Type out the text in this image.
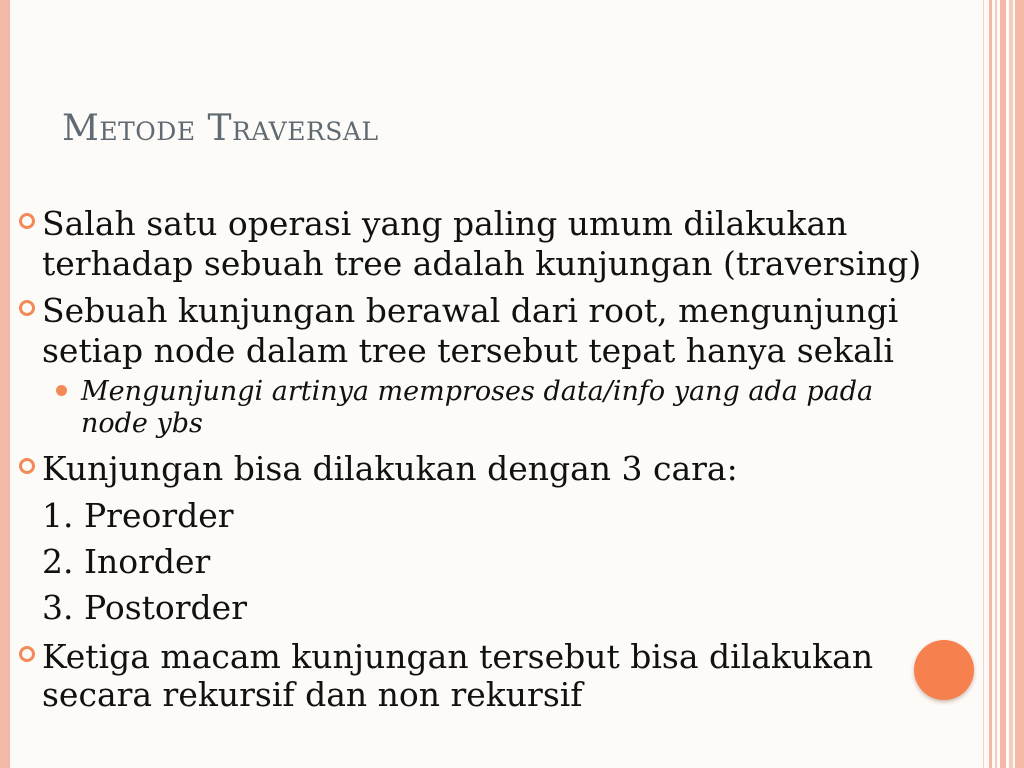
Metode Traversal
Salah satu operasi yang paling umum dilakukan
terhadap sebuah tree adalah kunjungan (traversing)
Sebuah kunjungan berawal dari root, mengunjungi
setiap node dalam tree tersebut tepat hanya sekali
Mengunjungi artinya memproses data/info yang ada pada
node ybs
Kunjungan bisa dilakukan dengan 3 cara:
1. Preorder
2. Inorder
3. Postorder
Ketiga macam kunjungan tersebut bisa dilakukan
secara rekursif dan non rekursif
